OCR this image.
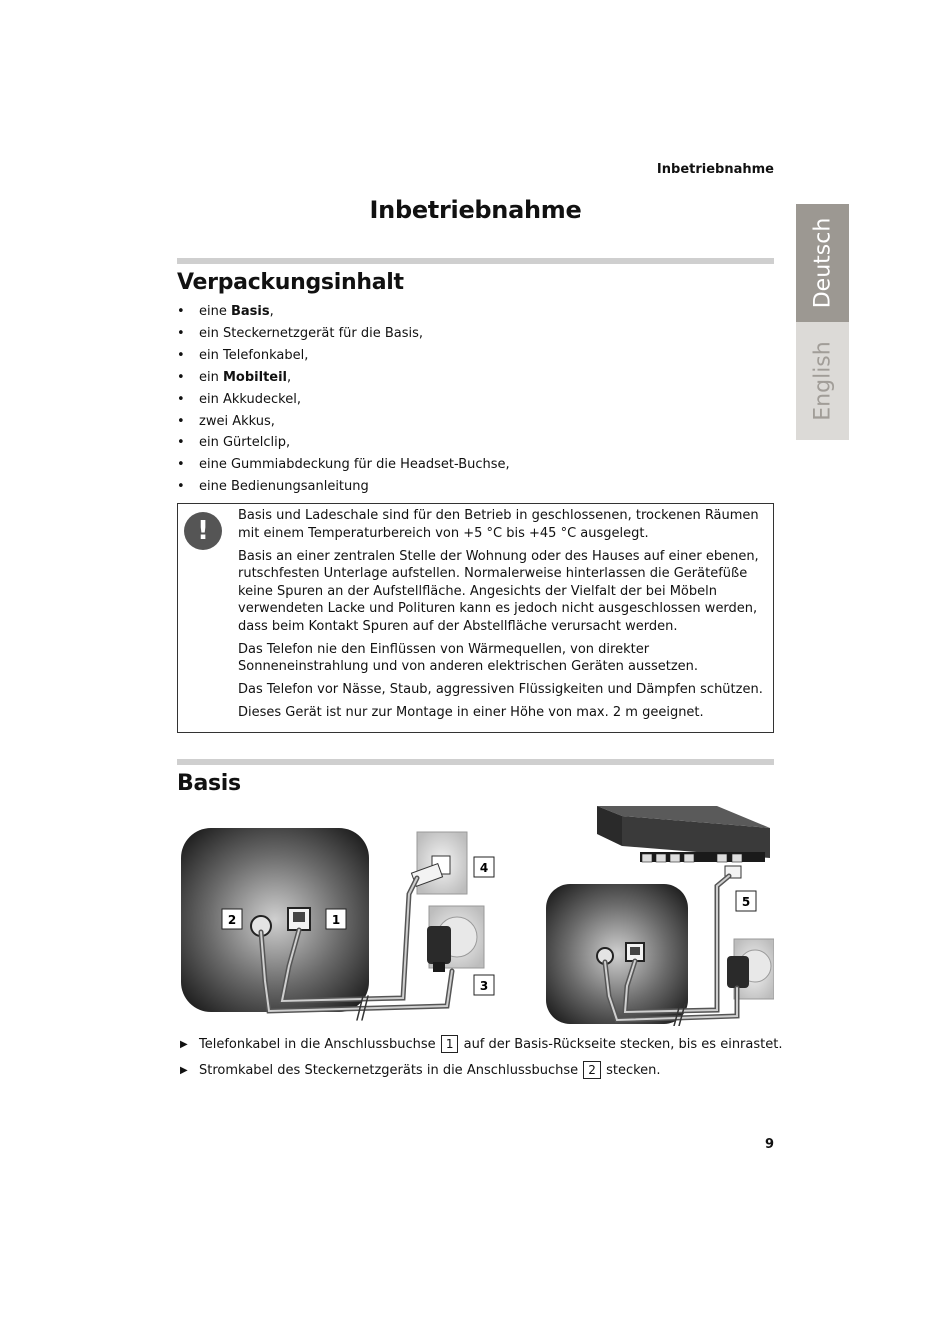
Inbetriebnahme
Inbetriebnahme
Deutsch
English
Verpackungsinhalt
• eine Basis,
• ein Steckernetzgerät für die Basis,
• ein Telefonkabel,
• ein Mobilteil,
• ein Akkudeckel,
• zwei Akkus,
• ein Gürtelclip,
• eine Gummiabdeckung für die Headset-Buchse,
• eine Bedienungsanleitung
!

Basis und Ladeschale sind für den Betrieb in geschlossenen, trockenen Räumen mit einem Temperaturbereich von +5 °C bis +45 °C ausgelegt.

Basis an einer zentralen Stelle der Wohnung oder des Hauses auf einer ebenen, rutschfesten Unterlage aufstellen. Normalerweise hinterlassen die Gerätefüße keine Spuren an der Aufstellfläche. Angesichts der Vielfalt der bei Möbeln verwendeten Lacke und Polituren kann es jedoch nicht ausgeschlossen werden, dass beim Kontakt Spuren auf der Abstellfläche verursacht werden.

Das Telefon nie den Einflüssen von Wärmequellen, von direkter Sonneneinstrahlung und von anderen elektrischen Geräten aussetzen.

Das Telefon vor Nässe, Staub, aggressiven Flüssigkeiten und Dämpfen schützen.

Dieses Gerät ist nur zur Montage in einer Höhe von max. 2 m geeignet.

Basis
2	1
4
3
5
▶ Telefonkabel in die Anschlussbuchse 1 auf der Basis-Rückseite stecken, bis es einrastet.
▶ Stromkabel des Steckernetzgeräts in die Anschlussbuchse 2 stecken.
9
